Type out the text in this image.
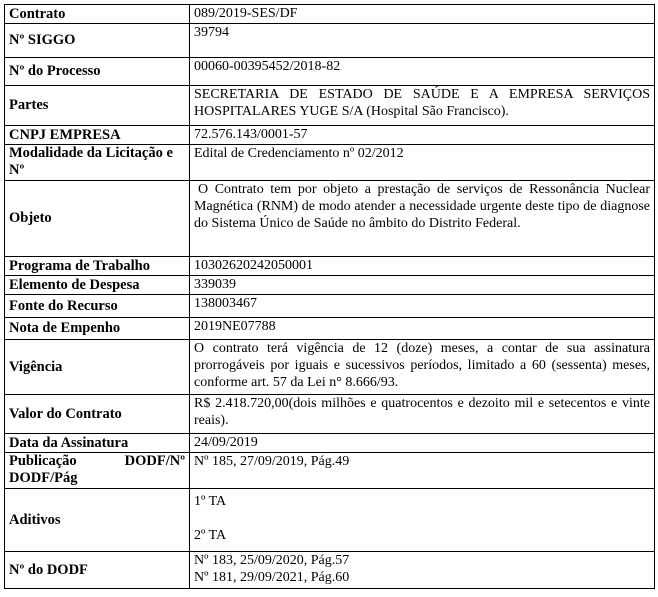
Contrato	089/2019-SES/DF
Nº SIGGO	39794
Nº do Processo	00060-00395452/2018-82
Partes	SECRETARIA DE ESTADO DE SAÚDE E A EMPRESA SERVIÇOS HOSPITALARES YUGE S/A (Hospital São Francisco).
CNPJ EMPRESA	72.576.143/0001-57
Modalidade da Licitação e Nº	Edital de Credenciamento nº 02/2012
Objeto	O Contrato tem por objeto a prestação de serviços de Ressonância Nuclear Magnética (RNM) de modo atender a necessidade urgente deste tipo de diagnose do Sistema Único de Saúde no âmbito do Distrito Federal.
Programa de Trabalho	10302620242050001
Elemento de Despesa	339039
Fonte do Recurso	138003467
Nota de Empenho	2019NE07788
Vigência	O contrato terá vigência de 12 (doze) meses, a contar de sua assinatura prorrogáveis por iguais e sucessivos períodos, limitado a 60 (sessenta) meses, conforme art. 57 da Lei n° 8.666/93.
Valor do Contrato	R$ 2.418.720,00(dois milhões e quatrocentos e dezoito mil e setecentos e vinte reais).
Data da Assinatura	24/09/2019

Publicação DODF/Nº
DODF/Pág	Nº 185, 27/09/2019, Pág.49
Aditivos	1º TA
2º TA

Nº do DODF	Nº 183, 25/09/2020, Pág.57
Nº 181, 29/09/2021, Pág.60
